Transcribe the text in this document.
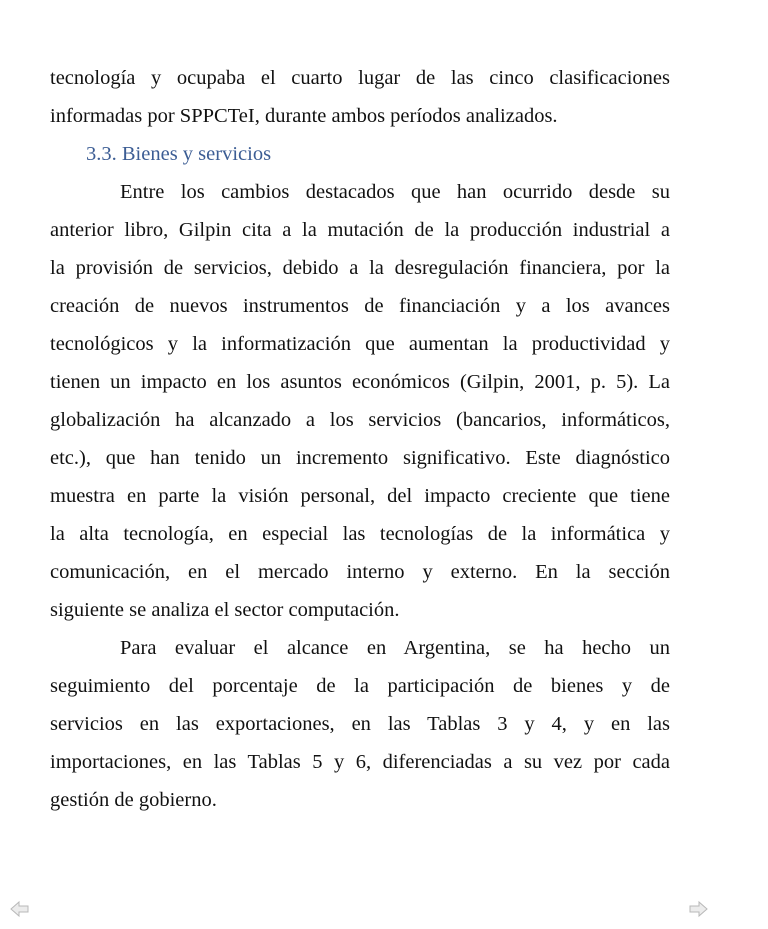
tecnología y ocupaba el cuarto lugar de las cinco clasificaciones
informadas por SPPCTeI, durante ambos períodos analizados.
3.3. Bienes y servicios
Entre los cambios destacados que han ocurrido desde su
anterior libro, Gilpin cita a la mutación de la producción industrial a
la provisión de servicios, debido a la desregulación financiera, por la
creación de nuevos instrumentos de financiación y a los avances
tecnológicos y la informatización que aumentan la productividad y
tienen un impacto en los asuntos económicos (Gilpin, 2001, p. 5). La
globalización ha alcanzado a los servicios (bancarios, informáticos,
etc.), que han tenido un incremento significativo. Este diagnóstico
muestra en parte la visión personal, del impacto creciente que tiene
la alta tecnología, en especial las tecnologías de la informática y
comunicación, en el mercado interno y externo. En la sección
siguiente se analiza el sector computación.
Para evaluar el alcance en Argentina, se ha hecho un
seguimiento del porcentaje de la participación de bienes y de
servicios en las exportaciones, en las Tablas 3 y 4, y en las
importaciones, en las Tablas 5 y 6, diferenciadas a su vez por cada
gestión de gobierno.
